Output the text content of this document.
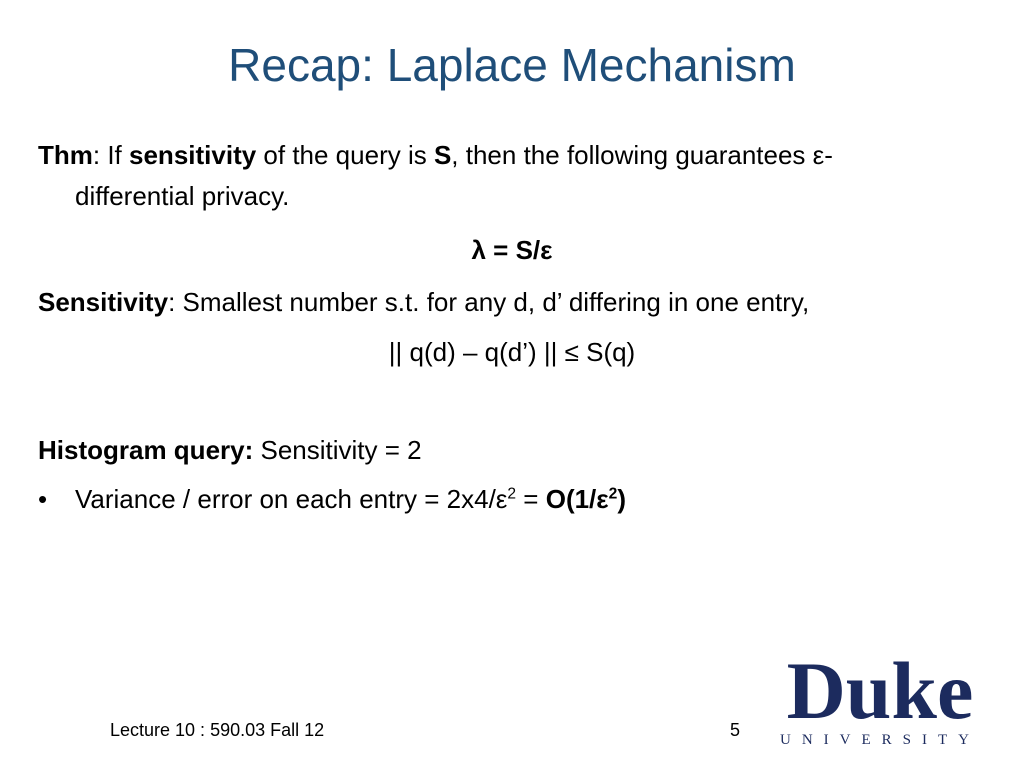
Recap: Laplace Mechanism
Thm: If sensitivity of the query is S, then the following guarantees ε-
differential privacy.
λ = S/ε
Sensitivity: Smallest number s.t. for any d, d’ differing in one entry,
|| q(d) – q(d’) || ≤ S(q)
Histogram query: Sensitivity = 2
• Variance / error on each entry = $2x4/\varepsilon^2 = O(1/\varepsilon^2)$
Lecture 10 : 590.03 Fall 12	5 Duke
UNIVERSITY
